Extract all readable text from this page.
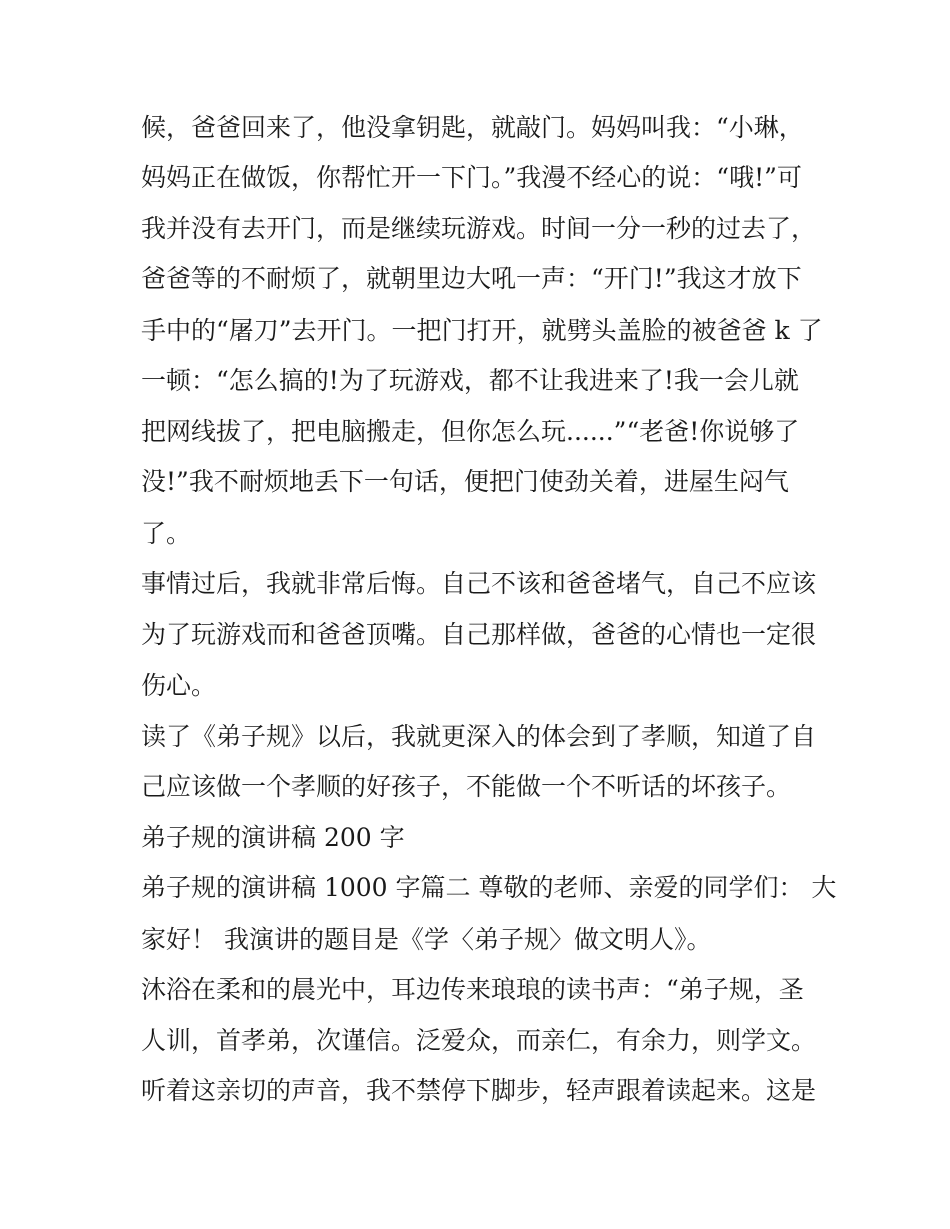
候，爸爸回来了，他没拿钥匙，就敲门。妈妈叫我：“小琳，
妈妈正在做饭，你帮忙开一下门。”我漫不经心的说：“哦!”可
我并没有去开门，而是继续玩游戏。时间一分一秒的过去了，
爸爸等的不耐烦了，就朝里边大吼一声：“开门!”我这才放下
手中的“屠刀”去开门。一把门打开，就劈头盖脸的被爸爸 k 了
一顿：“怎么搞的!为了玩游戏，都不让我进来了!我一会儿就
把网线拔了，把电脑搬走，但你怎么玩......”“老爸!你说够了
没!”我不耐烦地丢下一句话，便把门使劲关着，进屋生闷气
了。
事情过后，我就非常后悔。自己不该和爸爸堵气，自己不应该
为了玩游戏而和爸爸顶嘴。自己那样做，爸爸的心情也一定很
伤心。
读了《弟子规》以后，我就更深入的体会到了孝顺，知道了自
己应该做一个孝顺的好孩子，不能做一个不听话的坏孩子。
弟子规的演讲稿 200 字
弟子规的演讲稿 1000 字篇二 尊敬的老师、亲爱的同学们： 大
家好！ 我演讲的题目是《学〈弟子规〉做文明人》。
沐浴在柔和的晨光中，耳边传来琅琅的读书声：“弟子规，圣
人训，首孝弟，次谨信。泛爱众，而亲仁，有余力，则学文。
听着这亲切的声音，我不禁停下脚步，轻声跟着读起来。这是
